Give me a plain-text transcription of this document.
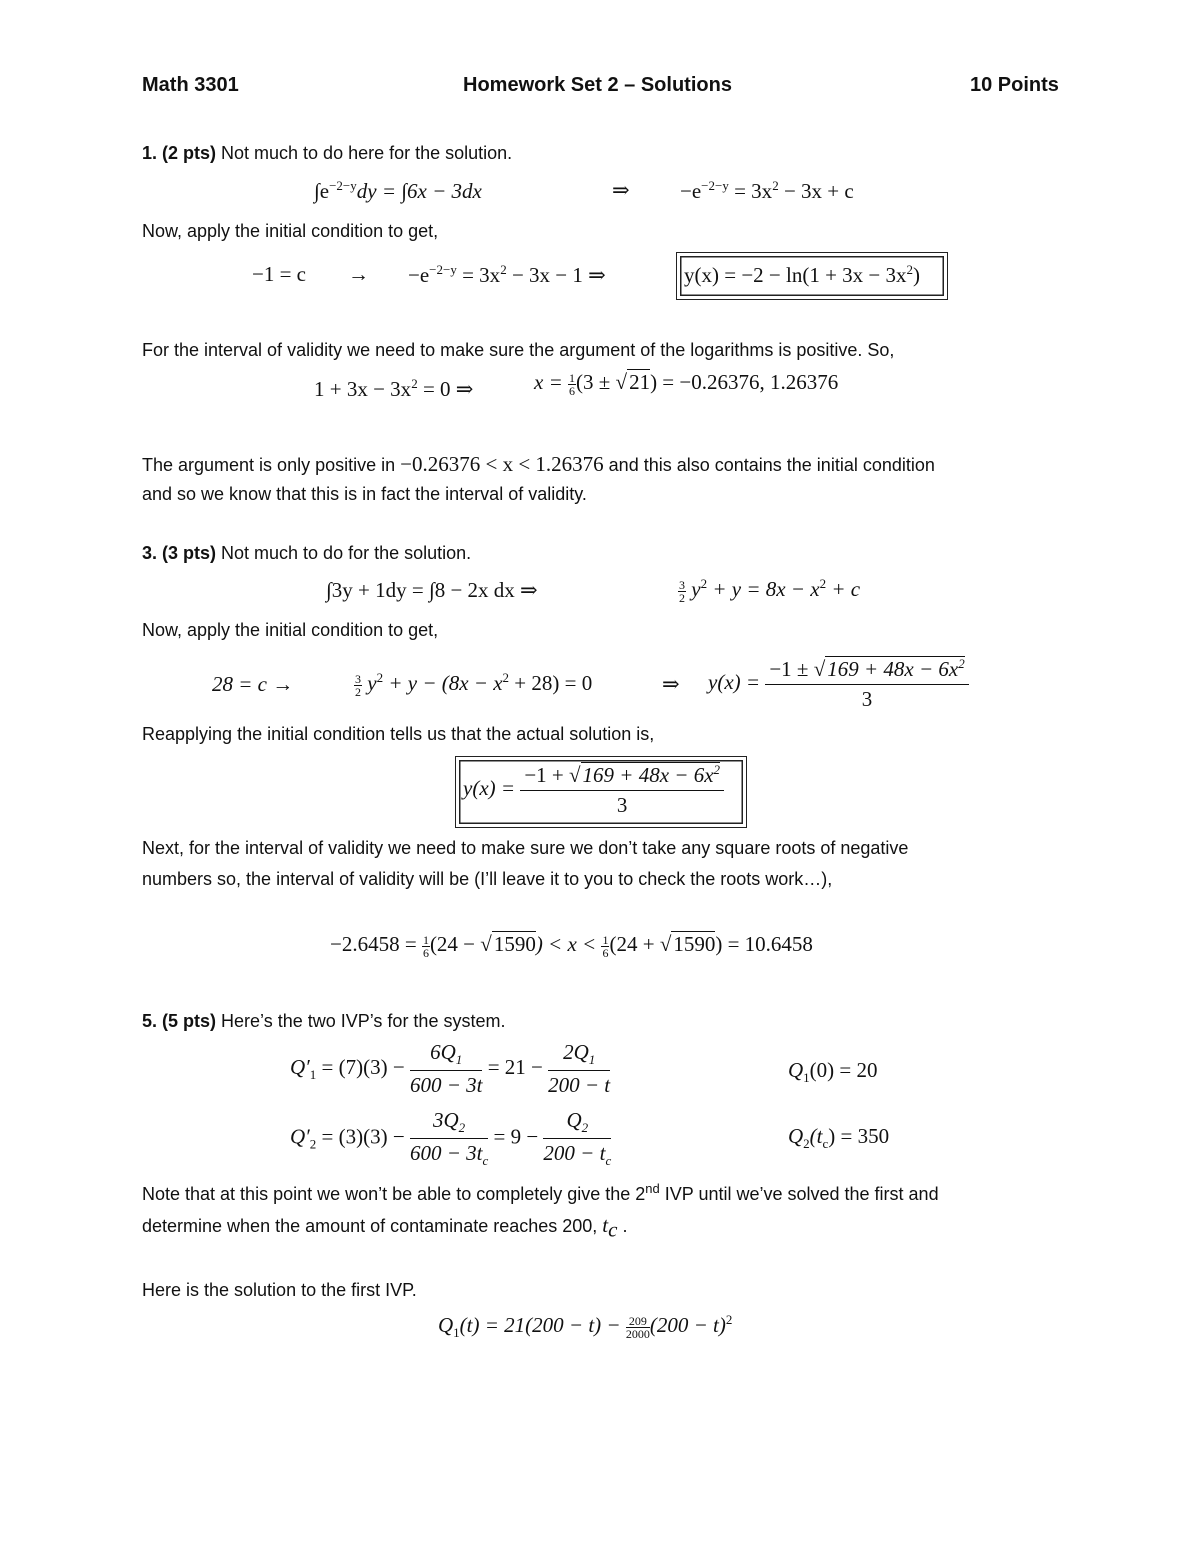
Math 3301	Homework Set 2 – Solutions	10 Points
1. (2 pts) Not much to do here for the solution.
$\int e^{-2-y}dy = \int 6x - 3dx$	⇒ $-e^{-2-y} = 3x^2 - 3x + c$
Now, apply the initial condition to get,
$-1 = c \to -e^{-2-y} = 3x^2 - 3x - 1$ ⇒	$y(x) = -2 - \ln(1 + 3x - 3x^2)$
For the interval of validity we need to make sure the argument of the logarithms is positive. So,
$1 + 3x - 3x^2 = 0$ ⇒	$x = \frac{1}{6} (3 \pm √21) = -0.26376$, 1.26376
The argument is only positive in −0.26376 < x < 1.26376 and this also contains the initial condition
and so we know that this is in fact the interval of validity.
3. (3 pts) Not much to do for the solution.
∫3y + 1dy = ∫8 − 2x dx ⇒	$\frac{3}{2} y^2 + y = 8x - x^2 + c$
Now, apply the initial condition to get,
28 = c →	$\frac{3}{2} y^2 + y - (8x - x^2 + 28) = 0$	⇒ $y(x) = \frac{-1 \pm √169 + 48x - 6x^2}{3}$
Reapplying the initial condition tells us that the actual solution is,
$y(x) = \frac{-1 + √169 + 48x - 6x^2}{3}$
Next, for the interval of validity we need to make sure we don’t take any square roots of negative
numbers so, the interval of validity will be (I’ll leave it to you to check the roots work…),
$-2.6458 = \frac{1}{6} (24 - √1590) < x < \frac{1}{6} (24 + √1590) = 10.6458$
5. (5 pts) Here’s the two IVP’s for the system.
$Q'_1 = (7)(3) - \frac{6Q_1}{600 - 3t} = 21 - \frac{2Q_1}{200 - t}$	$Q_1(0) = 20$
$Q'_2 = (3)(3) - \frac{3Q_2}{600 - 3t_c} = 9 - \frac{Q_2}{200 - t_c}$	$Q_2(t_c) = 350$
Note that at this point we won’t be able to completely give the 2nd IVP until we’ve solved the first and
determine when the amount of contaminate reaches 200, $t_c$ .
Here is the solution to the first IVP.
$Q_1(t) = 21(200 - t) - \frac{209}{2000} (200 - t)^2$
